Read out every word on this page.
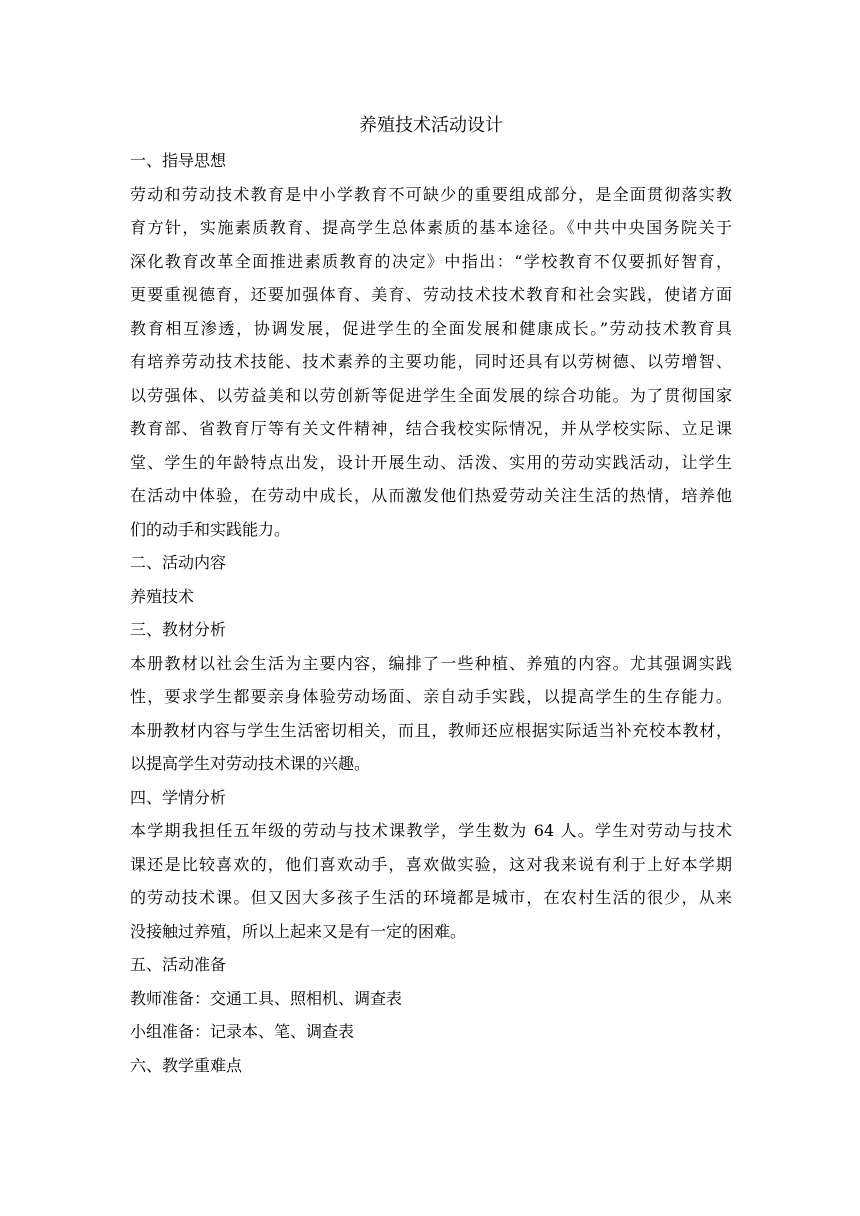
养殖技术活动设计

一、指导思想

劳动和劳动技术教育是中小学教育不可缺少的重要组成部分，是全面贯彻落实教
育方针，实施素质教育、提高学生总体素质的基本途径。《中共中央国务院关于
深化教育改革全面推进素质教育的决定》中指出：“学校教育不仅要抓好智育，
更要重视德育，还要加强体育、美育、劳动技术技术教育和社会实践，使诸方面
教育相互渗透，协调发展，促进学生的全面发展和健康成长。”劳动技术教育具
有培养劳动技术技能、技术素养的主要功能，同时还具有以劳树德、以劳增智、
以劳强体、以劳益美和以劳创新等促进学生全面发展的综合功能。为了贯彻国家
教育部、省教育厅等有关文件精神，结合我校实际情况，并从学校实际、立足课
堂、学生的年龄特点出发，设计开展生动、活泼、实用的劳动实践活动，让学生
在活动中体验，在劳动中成长，从而激发他们热爱劳动关注生活的热情，培养他
们的动手和实践能力。

二、活动内容

养殖技术

三、教材分析

本册教材以社会生活为主要内容，编排了一些种植、养殖的内容。尤其强调实践
性，要求学生都要亲身体验劳动场面、亲自动手实践，以提高学生的生存能力。
本册教材内容与学生生活密切相关，而且，教师还应根据实际适当补充校本教材，
以提高学生对劳动技术课的兴趣。

四、学情分析

本学期我担任五年级的劳动与技术课教学，学生数为 64 人。学生对劳动与技术
课还是比较喜欢的，他们喜欢动手，喜欢做实验，这对我来说有利于上好本学期
的劳动技术课。但又因大多孩子生活的环境都是城市，在农村生活的很少，从来
没接触过养殖，所以上起来又是有一定的困难。

五、活动准备

教师准备：交通工具、照相机、调查表

小组准备：记录本、笔、调查表

六、教学重难点
